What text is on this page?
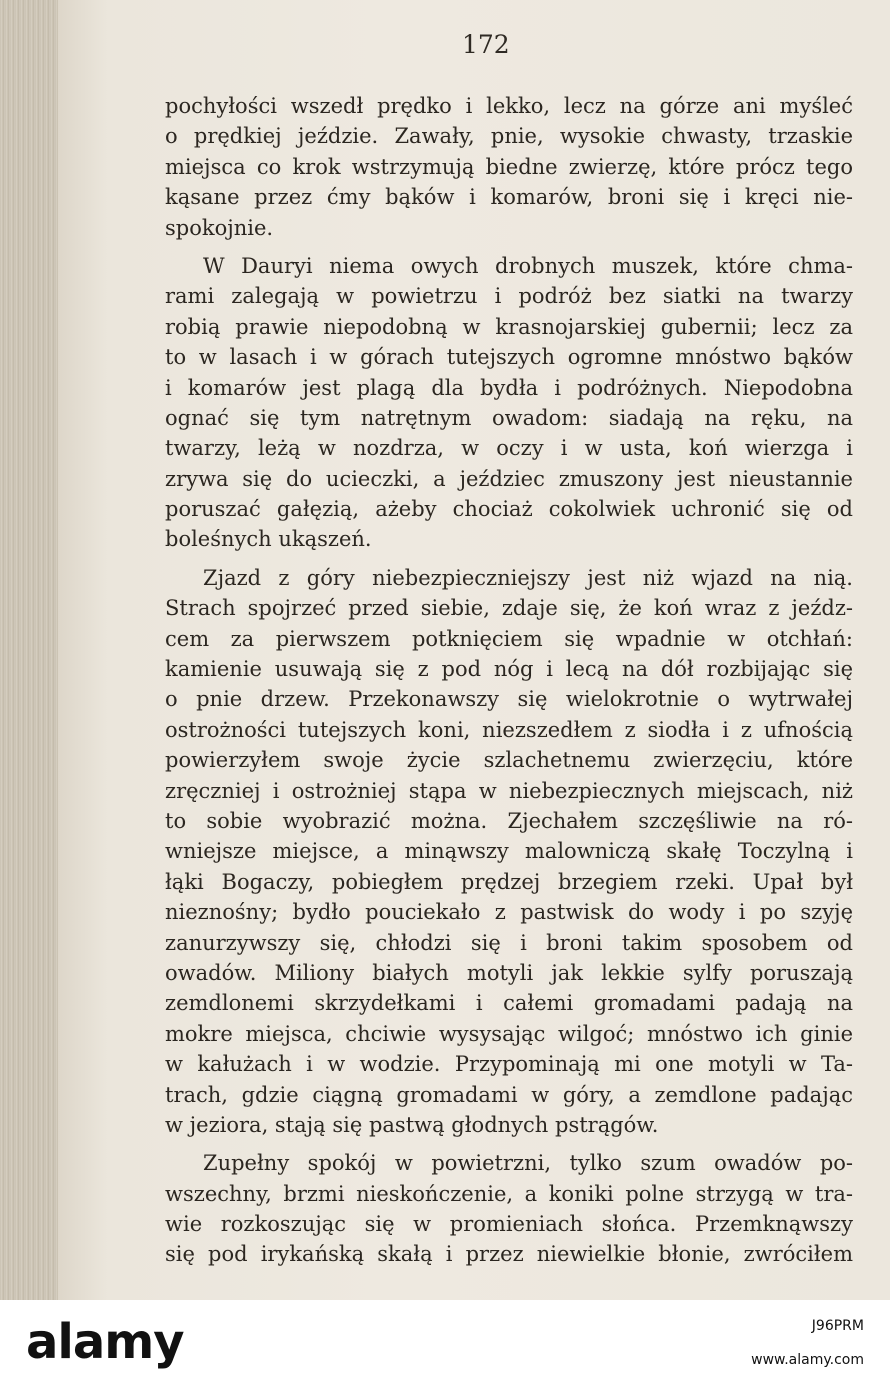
172
pochyłości wszedł prędko i lekko, lecz na górze ani myśleć
o prędkiej jeździe. Zawały, pnie, wysokie chwasty, trzaskie
miejsca co krok wstrzymują biedne zwierzę, które prócz tego
kąsane przez ćmy bąków i komarów, broni się i kręci nie-
spokojnie.
W Dauryi niema owych drobnych muszek, które chma-
rami zalegają w powietrzu i podróż bez siatki na twarzy
robią prawie niepodobną w krasnojarskiej gubernii; lecz za
to w lasach i w górach tutejszych ogromne mnóstwo bąków
i komarów jest plagą dla bydła i podróżnych. Niepodobna
ognać się tym natrętnym owadom: siadają na ręku, na
twarzy, leżą w nozdrza, w oczy i w usta, koń wierzga i
zrywa się do ucieczki, a jeździec zmuszony jest nieustannie
poruszać gałęzią, ażeby chociaż cokolwiek uchronić się od
boleśnych ukąszeń.
Zjazd z góry niebezpieczniejszy jest niż wjazd na nią.
Strach spojrzeć przed siebie, zdaje się, że koń wraz z jeźdz-
cem za pierwszem potknięciem się wpadnie w otchłań:
kamienie usuwają się z pod nóg i lecą na dół rozbijając się
o pnie drzew. Przekonawszy się wielokrotnie o wytrwałej
ostrożności tutejszych koni, niezszedłem z siodła i z ufnością
powierzyłem swoje życie szlachetnemu zwierzęciu, które
zręczniej i ostrożniej stąpa w niebezpiecznych miejscach, niż
to sobie wyobrazić można. Zjechałem szczęśliwie na ró-
wniejsze miejsce, a minąwszy malowniczą skałę Toczylną i
łąki Bogaczy, pobiegłem prędzej brzegiem rzeki. Upał był
nieznośny; bydło pouciekało z pastwisk do wody i po szyję
zanurzywszy się, chłodzi się i broni takim sposobem od
owadów. Miliony białych motyli jak lekkie sylfy poruszają
zemdlonemi skrzydełkami i całemi gromadami padają na
mokre miejsca, chciwie wysysając wilgoć; mnóstwo ich ginie
w kałużach i w wodzie. Przypominają mi one motyli w Ta-
trach, gdzie ciągną gromadami w góry, a zemdlone padając
w jeziora, stają się pastwą głodnych pstrągów.
Zupełny spokój w powietrzni, tylko szum owadów po-
wszechny, brzmi nieskończenie, a koniki polne strzygą w tra-
wie rozkoszując się w promieniach słońca. Przemknąwszy
się pod irykańską skałą i przez niewielkie błonie, zwróciłem
alamy	J96PRM
www.alamy.com
